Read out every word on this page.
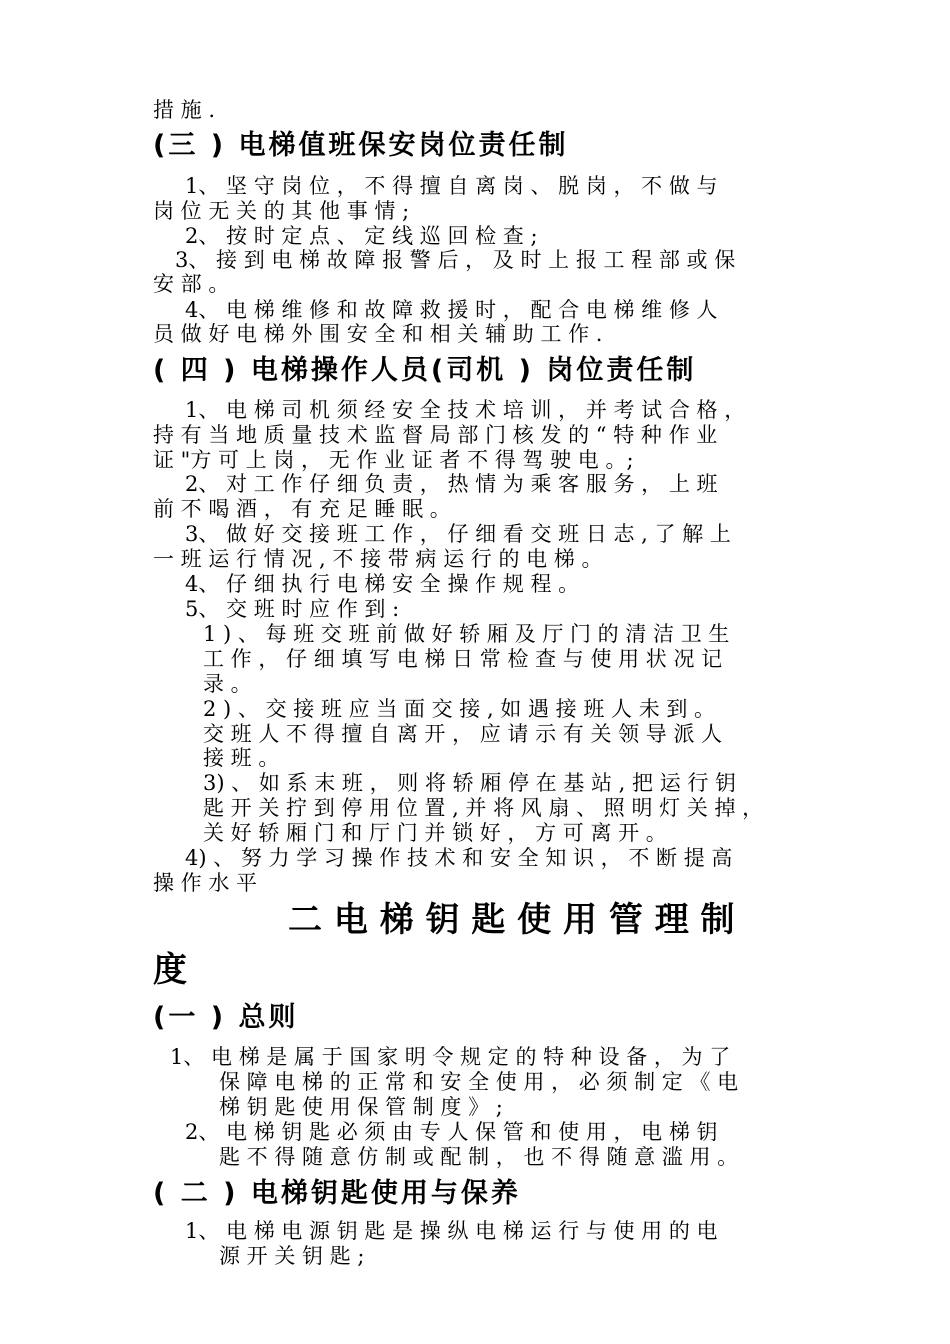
措 施 .
(三 ) 电梯值班保安岗位责任制
1、 坚 守 岗 位 ， 不 得 擅 自 离 岗 、 脱 岗 ， 不 做 与
岗 位 无 关 的 其 他 事 情 ;
2、 按 时 定 点 、 定 线 巡 回 检 查 ;
3、 接 到 电 梯 故 障 报 警 后 ， 及 时 上 报 工 程 部 或 保
安 部 。
4、 电 梯 维 修 和 故 障 救 援 时 ， 配 合 电 梯 维 修 人
员 做 好 电 梯 外 围 安 全 和 相 关 辅 助 工 作 .
( 四 ) 电梯操作人员(司机 ) 岗位责任制
1、 电 梯 司 机 须 经 安 全 技 术 培 训 ， 并 考 试 合 格 ，
持 有 当 地 质 量 技 术 监 督 局 部 门 核 发 的 “ 特 种 作 业
证 "方 可 上 岗 ， 无 作 业 证 者 不 得 驾 驶 电 。;
2、 对 工 作 仔 细 负 责 ， 热 情 为 乘 客 服 务 ， 上 班
前 不 喝 酒 ， 有 充 足 睡 眠 。
3、 做 好 交 接 班 工 作 ， 仔 细 看 交 班 日 志 , 了 解 上
一 班 运 行 情 况 , 不 接 带 病 运 行 的 电 梯 。
4、 仔 细 执 行 电 梯 安 全 操 作 规 程 。
5、 交 班 时 应 作 到 :
1 ) 、 每 班 交 班 前 做 好 轿 厢 及 厅 门 的 清 洁 卫 生
工 作 ， 仔 细 填 写 电 梯 日 常 检 查 与 使 用 状 况 记
录 。
2 ) 、 交 接 班 应 当 面 交 接 , 如 遇 接 班 人 未 到 。
交 班 人 不 得 擅 自 离 开 ， 应 请 示 有 关 领 导 派 人
接 班 。
3) 、 如 系 末 班 ， 则 将 轿 厢 停 在 基 站 , 把 运 行 钥
匙 开 关 拧 到 停 用 位 置 , 并 将 风 扇 、 照 明 灯 关 掉 ，
关 好 轿 厢 门 和 厅 门 并 锁 好 ， 方 可 离 开 。
4) 、 努 力 学 习 操 作 技 术 和 安 全 知 识 ， 不 断 提 高
操 作 水 平
二 电 梯 钥 匙 使 用 管 理 制
度
(一 ) 总则
1、 电 梯 是 属 于 国 家 明 令 规 定 的 特 种 设 备 ， 为 了
保 障 电 梯 的 正 常 和 安 全 使 用 ， 必 须 制 定 《 电
梯 钥 匙 使 用 保 管 制 度 》 ;
2、 电 梯 钥 匙 必 须 由 专 人 保 管 和 使 用 ， 电 梯 钥
匙 不 得 随 意 仿 制 或 配 制 ， 也 不 得 随 意 滥 用 。
( 二 ) 电梯钥匙使用与保养
1、 电 梯 电 源 钥 匙 是 操 纵 电 梯 运 行 与 使 用 的 电
源 开 关 钥 匙 ;
